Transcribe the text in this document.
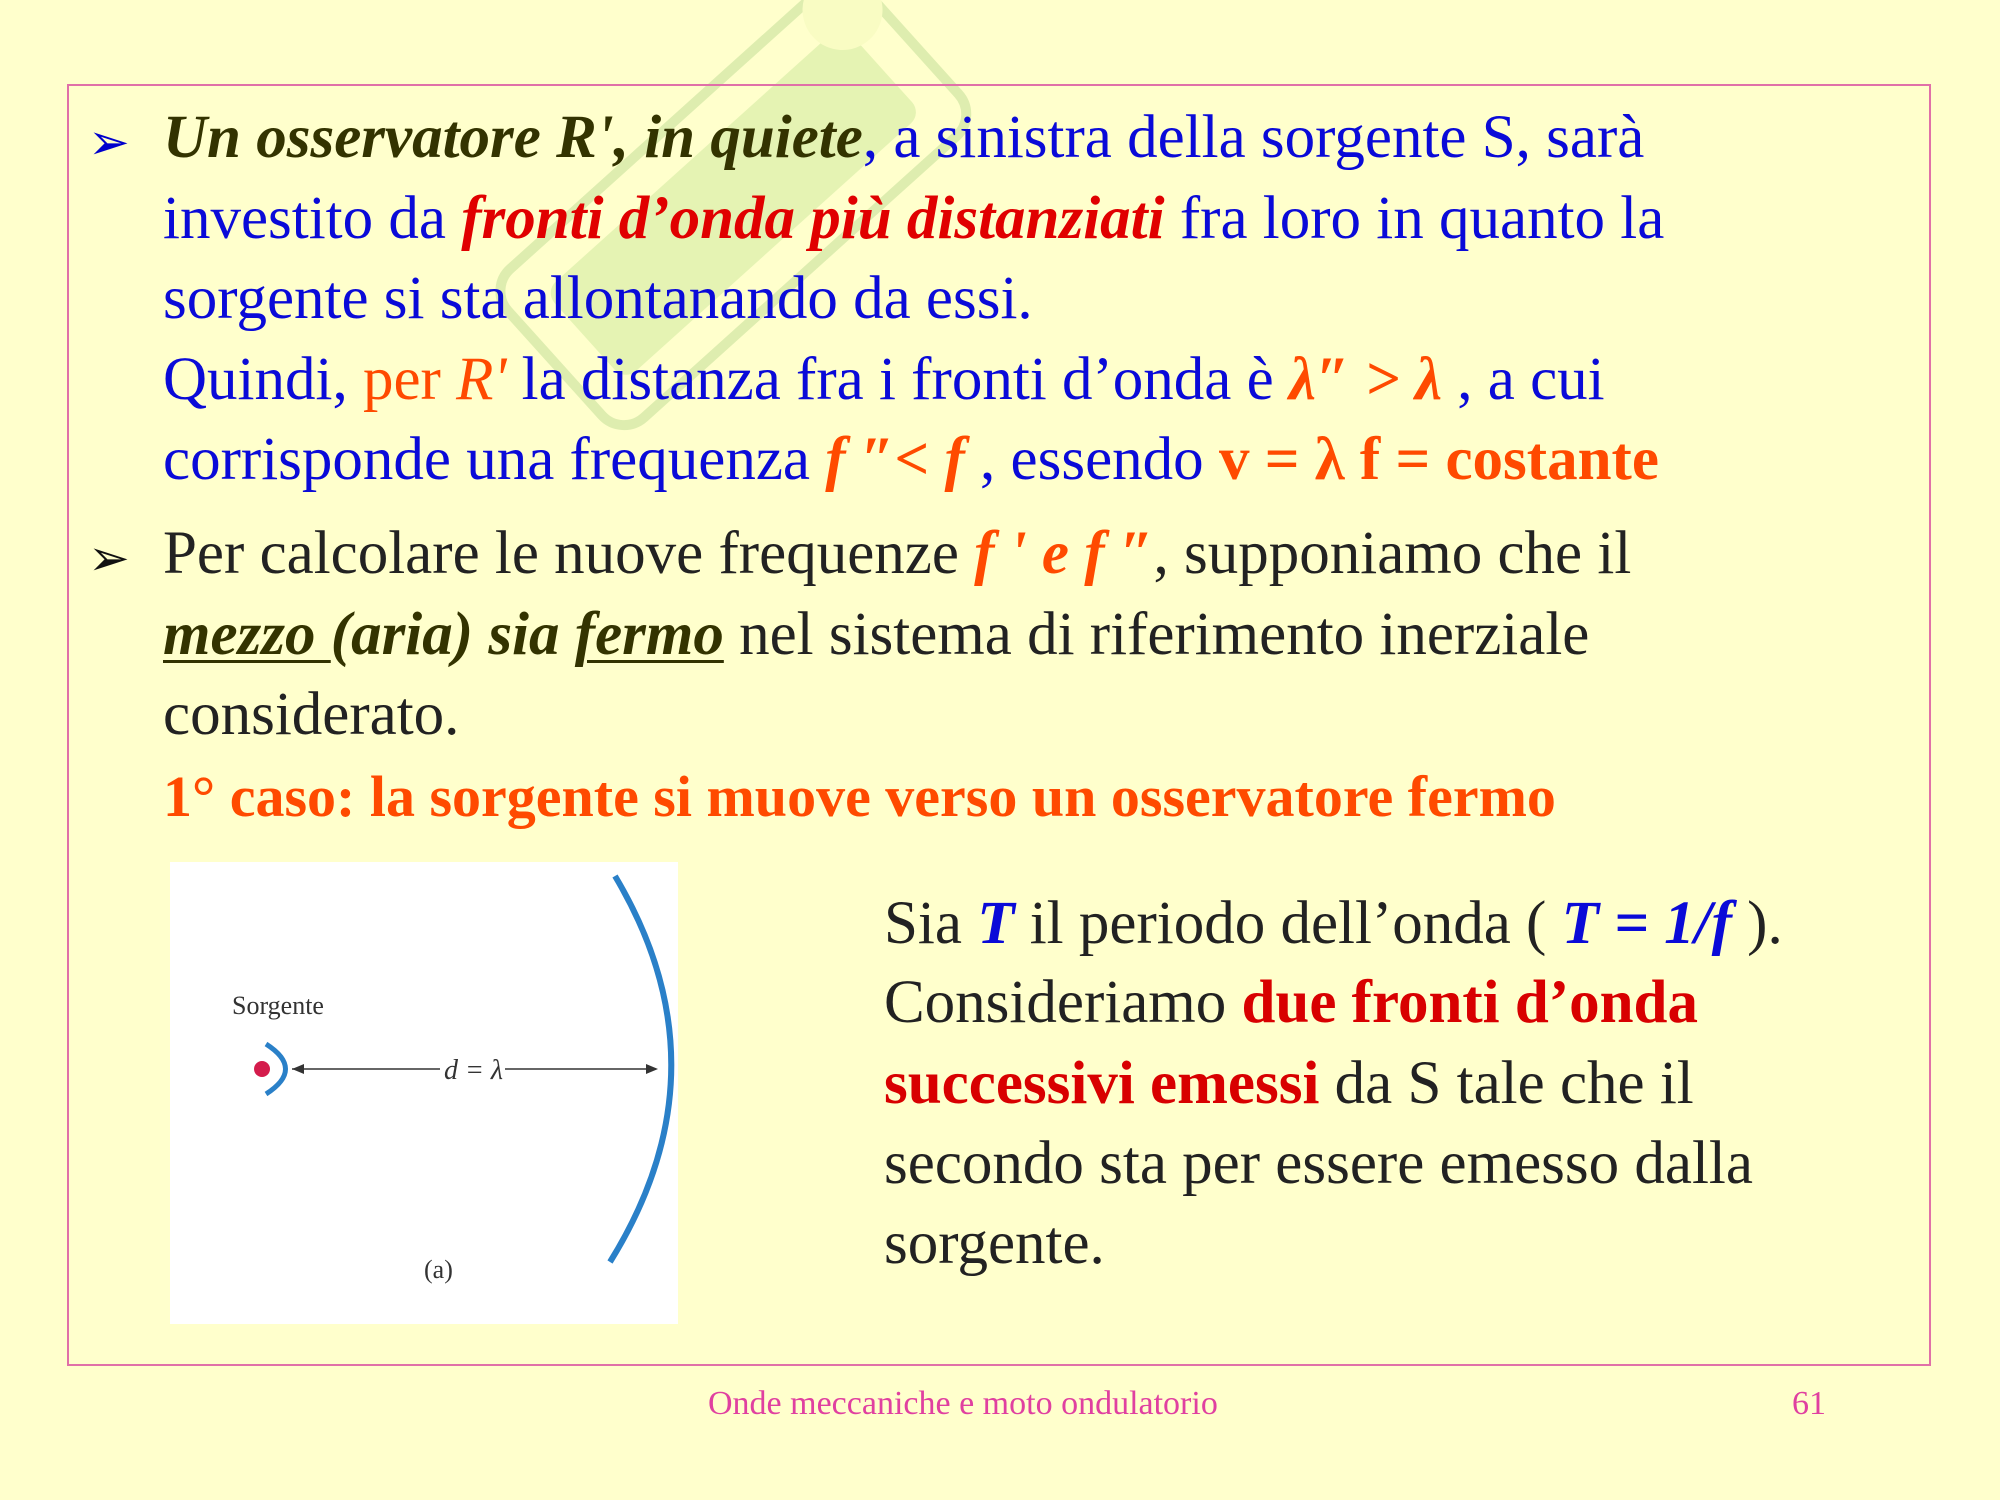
➢ Un osservatore R', in quiete, a sinistra della sorgente S, sarà
investito da fronti d’onda più distanziati fra loro in quanto la
sorgente si sta allontanando da essi.
Quindi, per R' la distanza fra i fronti d’onda è λ″ > λ , a cui
corrisponde una frequenza f ″< f , essendo v = λ f = costante
➢ Per calcolare le nuove frequenze f ' e f ″, supponiamo che il
mezzo (aria) sia fermo nel sistema di riferimento inerziale
considerato.
1° caso: la sorgente si muove verso un osservatore fermo
Sorgente
d = λ
(a)
Sia T il periodo dell’onda ( T = 1/f ).
Consideriamo due fronti d’onda
successivi emessi da S tale che il
secondo sta per essere emesso dalla
sorgente.
Onde meccaniche e moto ondulatorio	61
